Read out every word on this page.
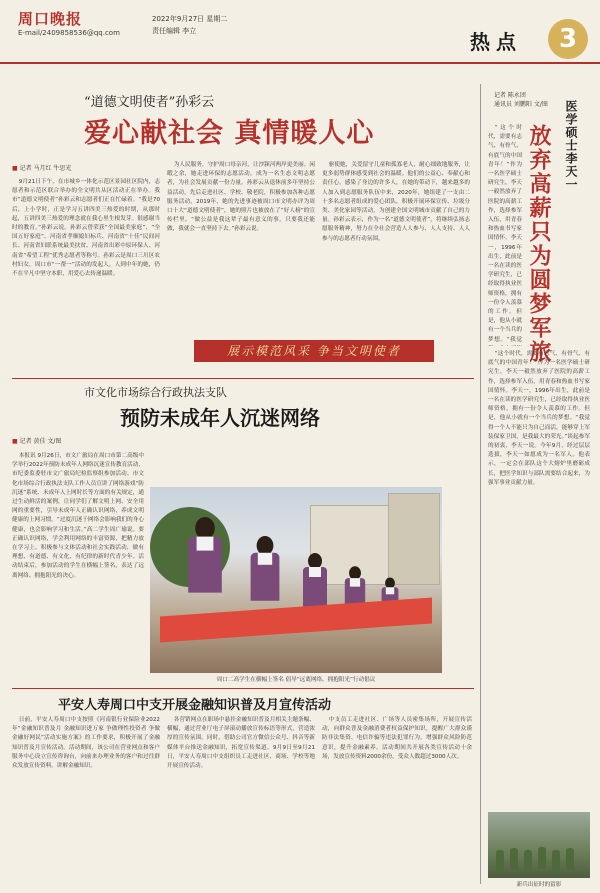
周口晚报
E-mail/2409858536@qq.com
2022年9月27日 星期二
责任编辑 李立	热点	3
“道德文明使者”孙彩云
爱心献社会 真情暖人心
■ 记者 马月红 牛思光

9月21日下午，在市城乡一体化示范区景园社区院内，志愿者和示范区联合举办的全文明共从区活动正在举办。我市“道德文明使者”孙彩云和志愿者们正在忙碌着。“我是70后，上小学时，正是学习五讲四美三热爱的时期，从那时起，五讲四美三热爱的理念就在我心里生根发芽。很感谢当时的教育。”孙彩云说。孙彩云曾荣获“全国最美家庭”、“全国五好家庭”、河南省孝顺媳妇标兵、河南省“十佳”民间河长、河南省妇联系统最美扶贫、河南省出彩中原环保人、河南省“希望工程”优秀志愿者等称号。孙彩云是周口三川区农村妇女，周口市“一帮一”活动的发起人。人到中年的她，仍不在平凡中坚守本职，用爱心去传递温暖。

为人民服务，守护周口母亲河，让沙颍河两岸更美丽。闲暇之余，她走进环保的志愿活动，成为一名生态文明志愿者，为社会发展贡献一份力量。孙彩云从退休前多年坚持公益活动，先后走进社区、学校、敬老院，积极参加各种志愿服务活动，2019年，她的先进事迹被周口市文明办评为周口十大“道德文明使者”，她的照片也被放在了“好人榜”的宣传栏里。“做公益是我这辈子最有意义的事，只要我还能做，我就会一直坚持下去。”孙彩云说。

驱使她，关爱留守儿童和孤寡老人，耐心细致地服务，让更多弱势群体感受到社会的温暖。他们的公益心、奉献心和责任心，感染了身边的许多人，在她的带动下，越来越多的人加入到志愿服务队伍中来，2020年，她组建了一支由二十多名志愿者组成的爱心团队，积极开展环保宣传、垃圾分类、美化家园等活动，为创建全国文明城市贡献了自己的力量。孙彩云表示，作为一名“道德文明使者”，将继续弘扬志愿服务精神，努力在全社会营造人人参与、人人支持、人人参与的志愿者行动氛围。

展示模范风采 争当文明使者
市文化市场综合行政执法支队
预防未成年人沉迷网络
■ 记者 黄佳 文/图

本报讯 9月26日，市文广旅局在周口市第二高级中学举行2022年预防未成年人网络沉迷宣传教育活动，市纪委监委驻市文广旅局纪检监察组参加活动。市文化市场综合行政执法支队工作人员宣讲了网络游戏“防沉迷”系统、未成年人上网时长等方面的有关规定，通过生动鲜活的案例，让同学们了解文明上网、安全用网的重要性，引导未成年人正确认识网络，养成文明健康的上网习惯。“过度沉迷于网络会影响我们的身心健康，也会影响学习和生活。”高二学生周广瑜说。要正确认识网络，学会利用网络的丰富资源，把精力放在学习上。积极参与文体活动和社会实践活动，做有理想、有道德、有文化、有纪律的新时代青少年。活动结束后，参加活动的学生在横幅上签名，表达了远离网络、拥抱阳光的决心。

周口二高学生在横幅上签名 倡导“远离网络、拥抱阳光”行动倡议
平安人寿周口中支开展金融知识普及月宣传活动

日前，平安人寿周口中支按照《河南银行业保险业2022年“金融知识普及月 金融知识进万家 争做理性投资者 争做金融好网民”活动实施方案》的工作要求，积极开展了金融知识普及月宣传活动。活动期间，该公司在营业网点和客户服务中心设立宣传咨询台，向前来办理业务的客户和过往群众发放宣传资料，讲解金融知识。

各营销网点在职场中悬挂金融知识普及月相关主题条幅、横幅，通过营业厅电子屏滚动播放宣传标语等形式，营造浓厚的宣传氛围。同时，借助公司官方微信公众号、抖音等新媒体平台推送金融知识，拓宽宣传渠道。9月9日至9月21日，平安人寿周口中支组织员工走进社区、商场、学校等地开展宣传活动。

中支员工走进社区、广场等人员密集场所，开展宣传活动，向群众普及金融消费者权益保护知识，提醒广大群众谨防非法集资、电信诈骗等违法犯罪行为，增强群众风险防范意识，提升金融素养。活动期间共开展各类宣传活动十余场，发放宣传资料2000余份，受众人数超过3000人次。

记者 陈永团
通讯员 刘鹏阳 文/图 医学硕士李天一
放弃高薪只为圆梦军旅

“这个时代，需要有志气、有骨气、有底气的中国青年！”作为一名医学硕士研究生，李天一毅然放弃了医院的高薪工作，选择参军入伍，用青春和热血书写家国情怀。李天一，1996年出生，此前是一名在读的医学研究生，已经取得执业医师资格，拥有一份令人羡慕的工作。但是，他从小就有一个当兵的梦想。“我觉

“这个时代，需要有志气、有骨气、有底气的中国青年！”作为一名医学硕士研究生，李天一毅然放弃了医院的高薪工作，选择参军入伍，用青春和热血书写家国情怀。李天一，1996年出生，此前是一名在读的医学研究生，已经取得执业医师资格，拥有一份令人羡慕的工作。但是，他从小就有一个当兵的梦想。“我觉得一个人不能只为自己而活，能够穿上军装保家卫国，是我最大的荣光。”谈起参军的初衷，李天一说。今年9月，经过层层选拔，李天一如愿成为一名军人。他表示，一定会在部队这个大熔炉里磨砺成长，把医学知识与部队需要结合起来，为强军事业贡献力量。

新兵出征时的留影
